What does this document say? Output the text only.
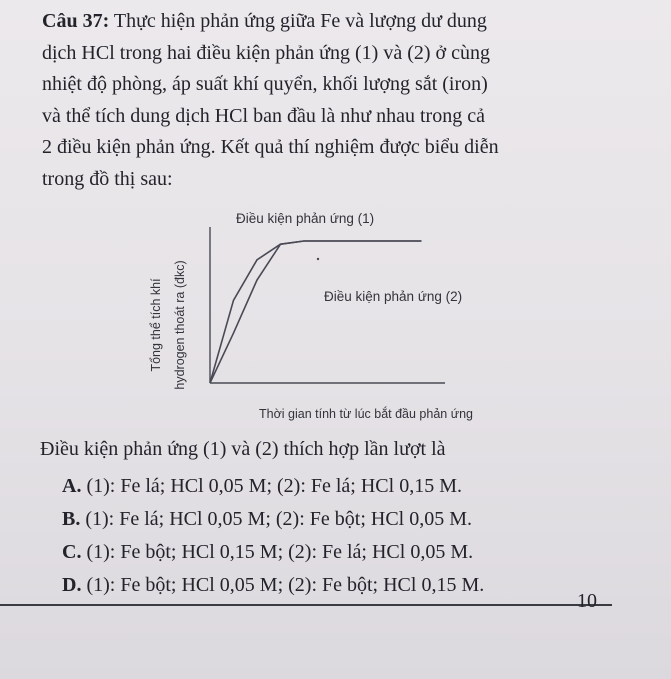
Câu 37: Thực hiện phản ứng giữa Fe và lượng dư dung
dịch HCl trong hai điều kiện phản ứng (1) và (2) ở cùng
nhiệt độ phòng, áp suất khí quyển, khối lượng sắt (iron)
và thể tích dung dịch HCl ban đầu là như nhau trong cả
2 điều kiện phản ứng. Kết quả thí nghiệm được biểu diễn
trong đồ thị sau:
Tổng thể tích khí hydrogen thoát ra (đkc)
Điều kiện phản ứng (1)
Điều kiện phản ứng (2)
Thời gian tính từ lúc bắt đầu phản ứng
Điều kiện phản ứng (1) và (2) thích hợp lần lượt là
A. (1): Fe lá; HCl 0,05 M; (2): Fe lá; HCl 0,15 M.
B. (1): Fe lá; HCl 0,05 M; (2): Fe bột; HCl 0,05 M.
C. (1): Fe bột; HCl 0,15 M; (2): Fe lá; HCl 0,05 M.
D. (1): Fe bột; HCl 0,05 M; (2): Fe bột; HCl 0,15 M.
10
